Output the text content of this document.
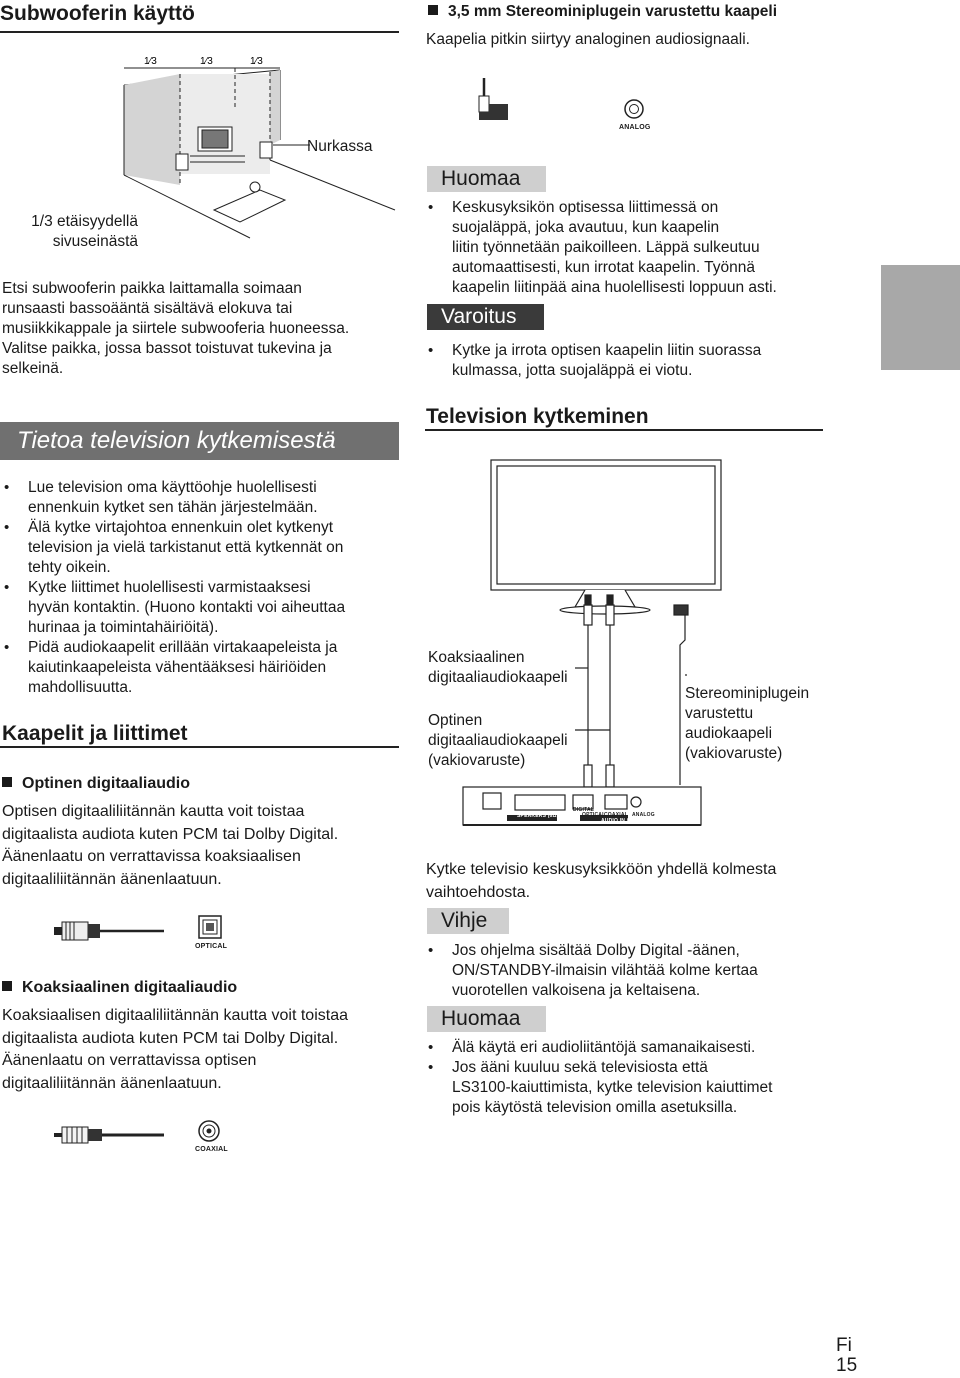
Subwooferin käyttö
1⁄3	1⁄3	1⁄3
Nurkassa
1/3 etäisyydellä
sivuseinästä
Etsi subwooferin paikka laittamalla soimaan
runsaasti bassoääntä sisältävä elokuva tai
musiikkikappale ja siirtele subwooferia huoneessa.
Valitse paikka, jossa bassot toistuvat tukevina ja
selkeinä.
Tietoa television kytkemisestä
• Lue television oma käyttöohje huolellisesti
ennenkuin kytket sen tähän järjestelmään.
• Älä kytke virtajohtoa ennenkuin olet kytkenyt
television ja vielä tarkistanut että kytkennät on
tehty oikein.
• Kytke liittimet huolellisesti varmistaaksesi
hyvän kontaktin. (Huono kontakti voi aiheuttaa
hurinaa ja toimintahäiriöitä).
• Pidä audiokaapelit erillään virtakaapeleista ja
kaiutinkaapeleista vähentääksesi häiriöiden
mahdollisuutta.
Kaapelit ja liittimet
Optinen digitaaliaudio
Optisen digitaaliliitännän kautta voit toistaa
digitaalista audiota kuten PCM tai Dolby Digital.
Äänenlaatu on verrattavissa koaksiaalisen
digitaaliliitännän äänenlaatuun.
OPTICAL
Koaksiaalinen digitaaliaudio
Koaksiaalisen digitaaliliitännän kautta voit toistaa
digitaalista audiota kuten PCM tai Dolby Digital.
Äänenlaatu on verrattavissa optisen
digitaaliliitännän äänenlaatuun.
COAXIAL
3,5 mm Stereominiplugein varustettu kaapeli
Kaapelia pitkin siirtyy analoginen audiosignaali.
ANALOG
Huomaa
• Keskusyksikön optisessa liittimessä on
suojaläppä, joka avautuu, kun kaapelin
liitin työnnetään paikoilleen. Läppä sulkeutuu
automaattisesti, kun irrotat kaapelin. Työnnä
kaapelin liitinpää aina huolellisesti loppuun asti.
Varoitus
• Kytke ja irrota optisen kaapelin liitin suorassa
kulmassa, jotta suojaläppä ei viotu.
Television kytkeminen
SPEAKERS (6Ω)
DIGITAL
OPTICAL
COAXIAL ANALOG
AUDIO IN (TV)
Koaksiaalinen
digitaaliaudiokaapeli
Optinen
digitaaliaudiokaapeli
(vakiovaruste)
Stereominiplugein
varustettu
audiokaapeli
(vakiovaruste)
Kytke televisio keskusyksikköön yhdellä kolmesta
vaihtoehdosta.
Vihje
• Jos ohjelma sisältää Dolby Digital -äänen,
ON/STANDBY-ilmaisin vilähtää kolme kertaa
vuorotellen valkoisena ja keltaisena.
Huomaa
• Älä käytä eri audioliitäntöjä samanaikaisesti.
• Jos ääni kuuluu sekä televisiosta että
LS3100-kaiuttimista, kytke television kaiuttimet
pois käytöstä television omilla asetuksilla.
Fi
15
